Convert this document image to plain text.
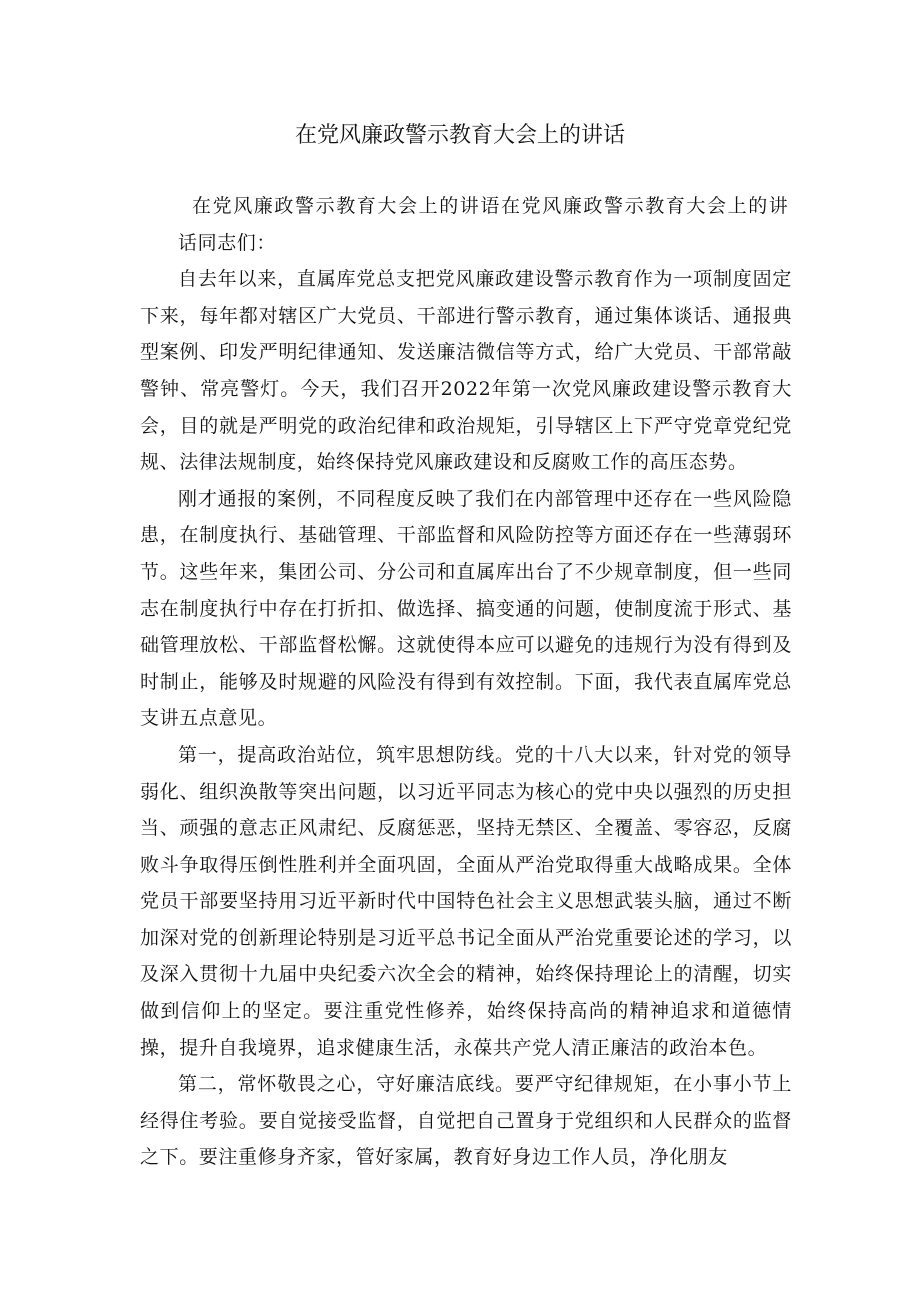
在党风廉政警示教育大会上的讲话

在党风廉政警示教育大会上的讲语在党风廉政警示教育大会上的讲

话同志们：

自去年以来，直属库党总支把党风廉政建设警示教育作为一项制度固定下来，每年都对辖区广大党员、干部进行警示教育，通过集体谈话、通报典型案例、印发严明纪律通知、发送廉洁微信等方式，给广大党员、干部常敲警钟、常亮警灯。今天，我们召开2022年第一次党风廉政建设警示教育大会，目的就是严明党的政治纪律和政治规矩，引导辖区上下严守党章党纪党规、法律法规制度，始终保持党风廉政建设和反腐败工作的高压态势。

刚才通报的案例，不同程度反映了我们在内部管理中还存在一些风险隐患，在制度执行、基础管理、干部监督和风险防控等方面还存在一些薄弱环节。这些年来，集团公司、分公司和直属库出台了不少规章制度，但一些同志在制度执行中存在打折扣、做选择、搞变通的问题，使制度流于形式、基础管理放松、干部监督松懈。这就使得本应可以避免的违规行为没有得到及时制止，能够及时规避的风险没有得到有效控制。下面，我代表直属库党总支讲五点意见。

第一，提高政治站位，筑牢思想防线。党的十八大以来，针对党的领导弱化、组织涣散等突出问题，以习近平同志为核心的党中央以强烈的历史担当、顽强的意志正风肃纪、反腐惩恶，坚持无禁区、全覆盖、零容忍，反腐败斗争取得压倒性胜利并全面巩固，全面从严治党取得重大战略成果。全体党员干部要坚持用习近平新时代中国特色社会主义思想武装头脑，通过不断加深对党的创新理论特别是习近平总书记全面从严治党重要论述的学习，以及深入贯彻十九届中央纪委六次全会的精神，始终保持理论上的清醒，切实做到信仰上的坚定。要注重党性修养，始终保持高尚的精神追求和道德情操，提升自我境界，追求健康生活，永葆共产党人清正廉洁的政治本色。

第二，常怀敬畏之心，守好廉洁底线。要严守纪律规矩，在小事小节上经得住考验。要自觉接受监督，自觉把自己置身于党组织和人民群众的监督之下。要注重修身齐家，管好家属，教育好身边工作人员，净化朋友
